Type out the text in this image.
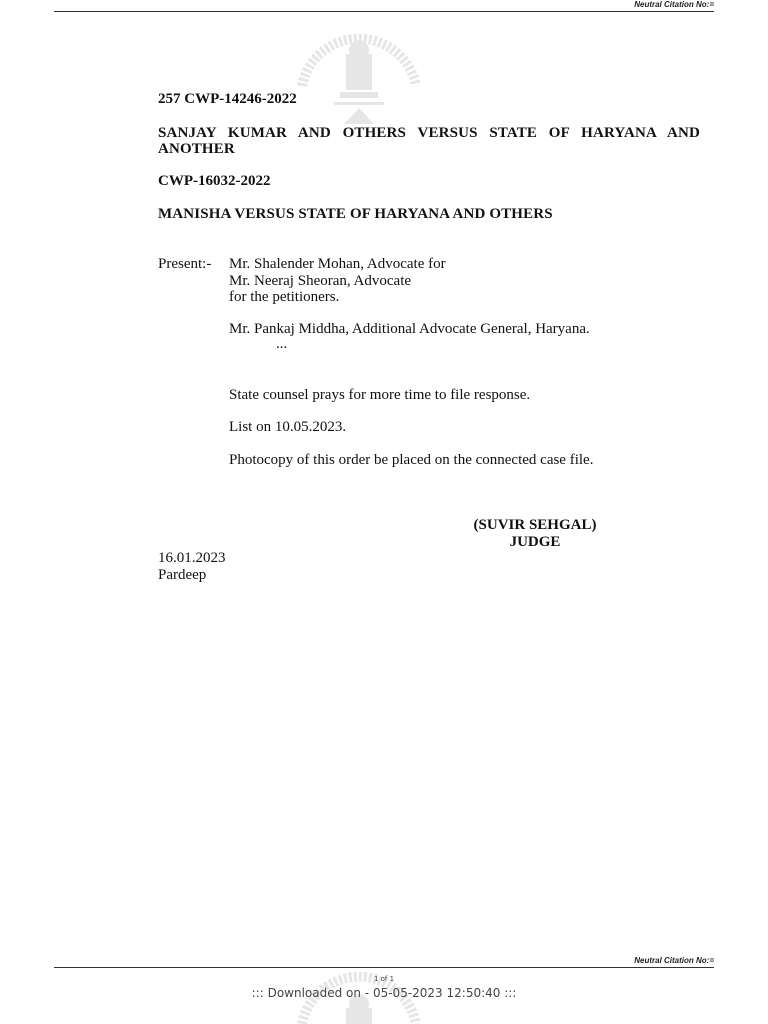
Neutral Citation No:=
257 CWP-14246-2022
SANJAY KUMAR AND OTHERS VERSUS STATE OF HARYANA AND ANOTHER
CWP-16032-2022
MANISHA VERSUS STATE OF HARYANA AND OTHERS
Present:- Mr. Shalender Mohan, Advocate for
Mr. Neeraj Sheoran, Advocate
for the petitioners.
Mr. Pankaj Middha, Additional Advocate General, Haryana.
...
State counsel prays for more time to file response.
List on 10.05.2023.
Photocopy of this order be placed on the connected case file.
(SUVIR SEHGAL)
JUDGE
16.01.2023
Pardeep
Neutral Citation No:=
1 of 1
::: Downloaded on - 05-05-2023 12:50:40 :::
